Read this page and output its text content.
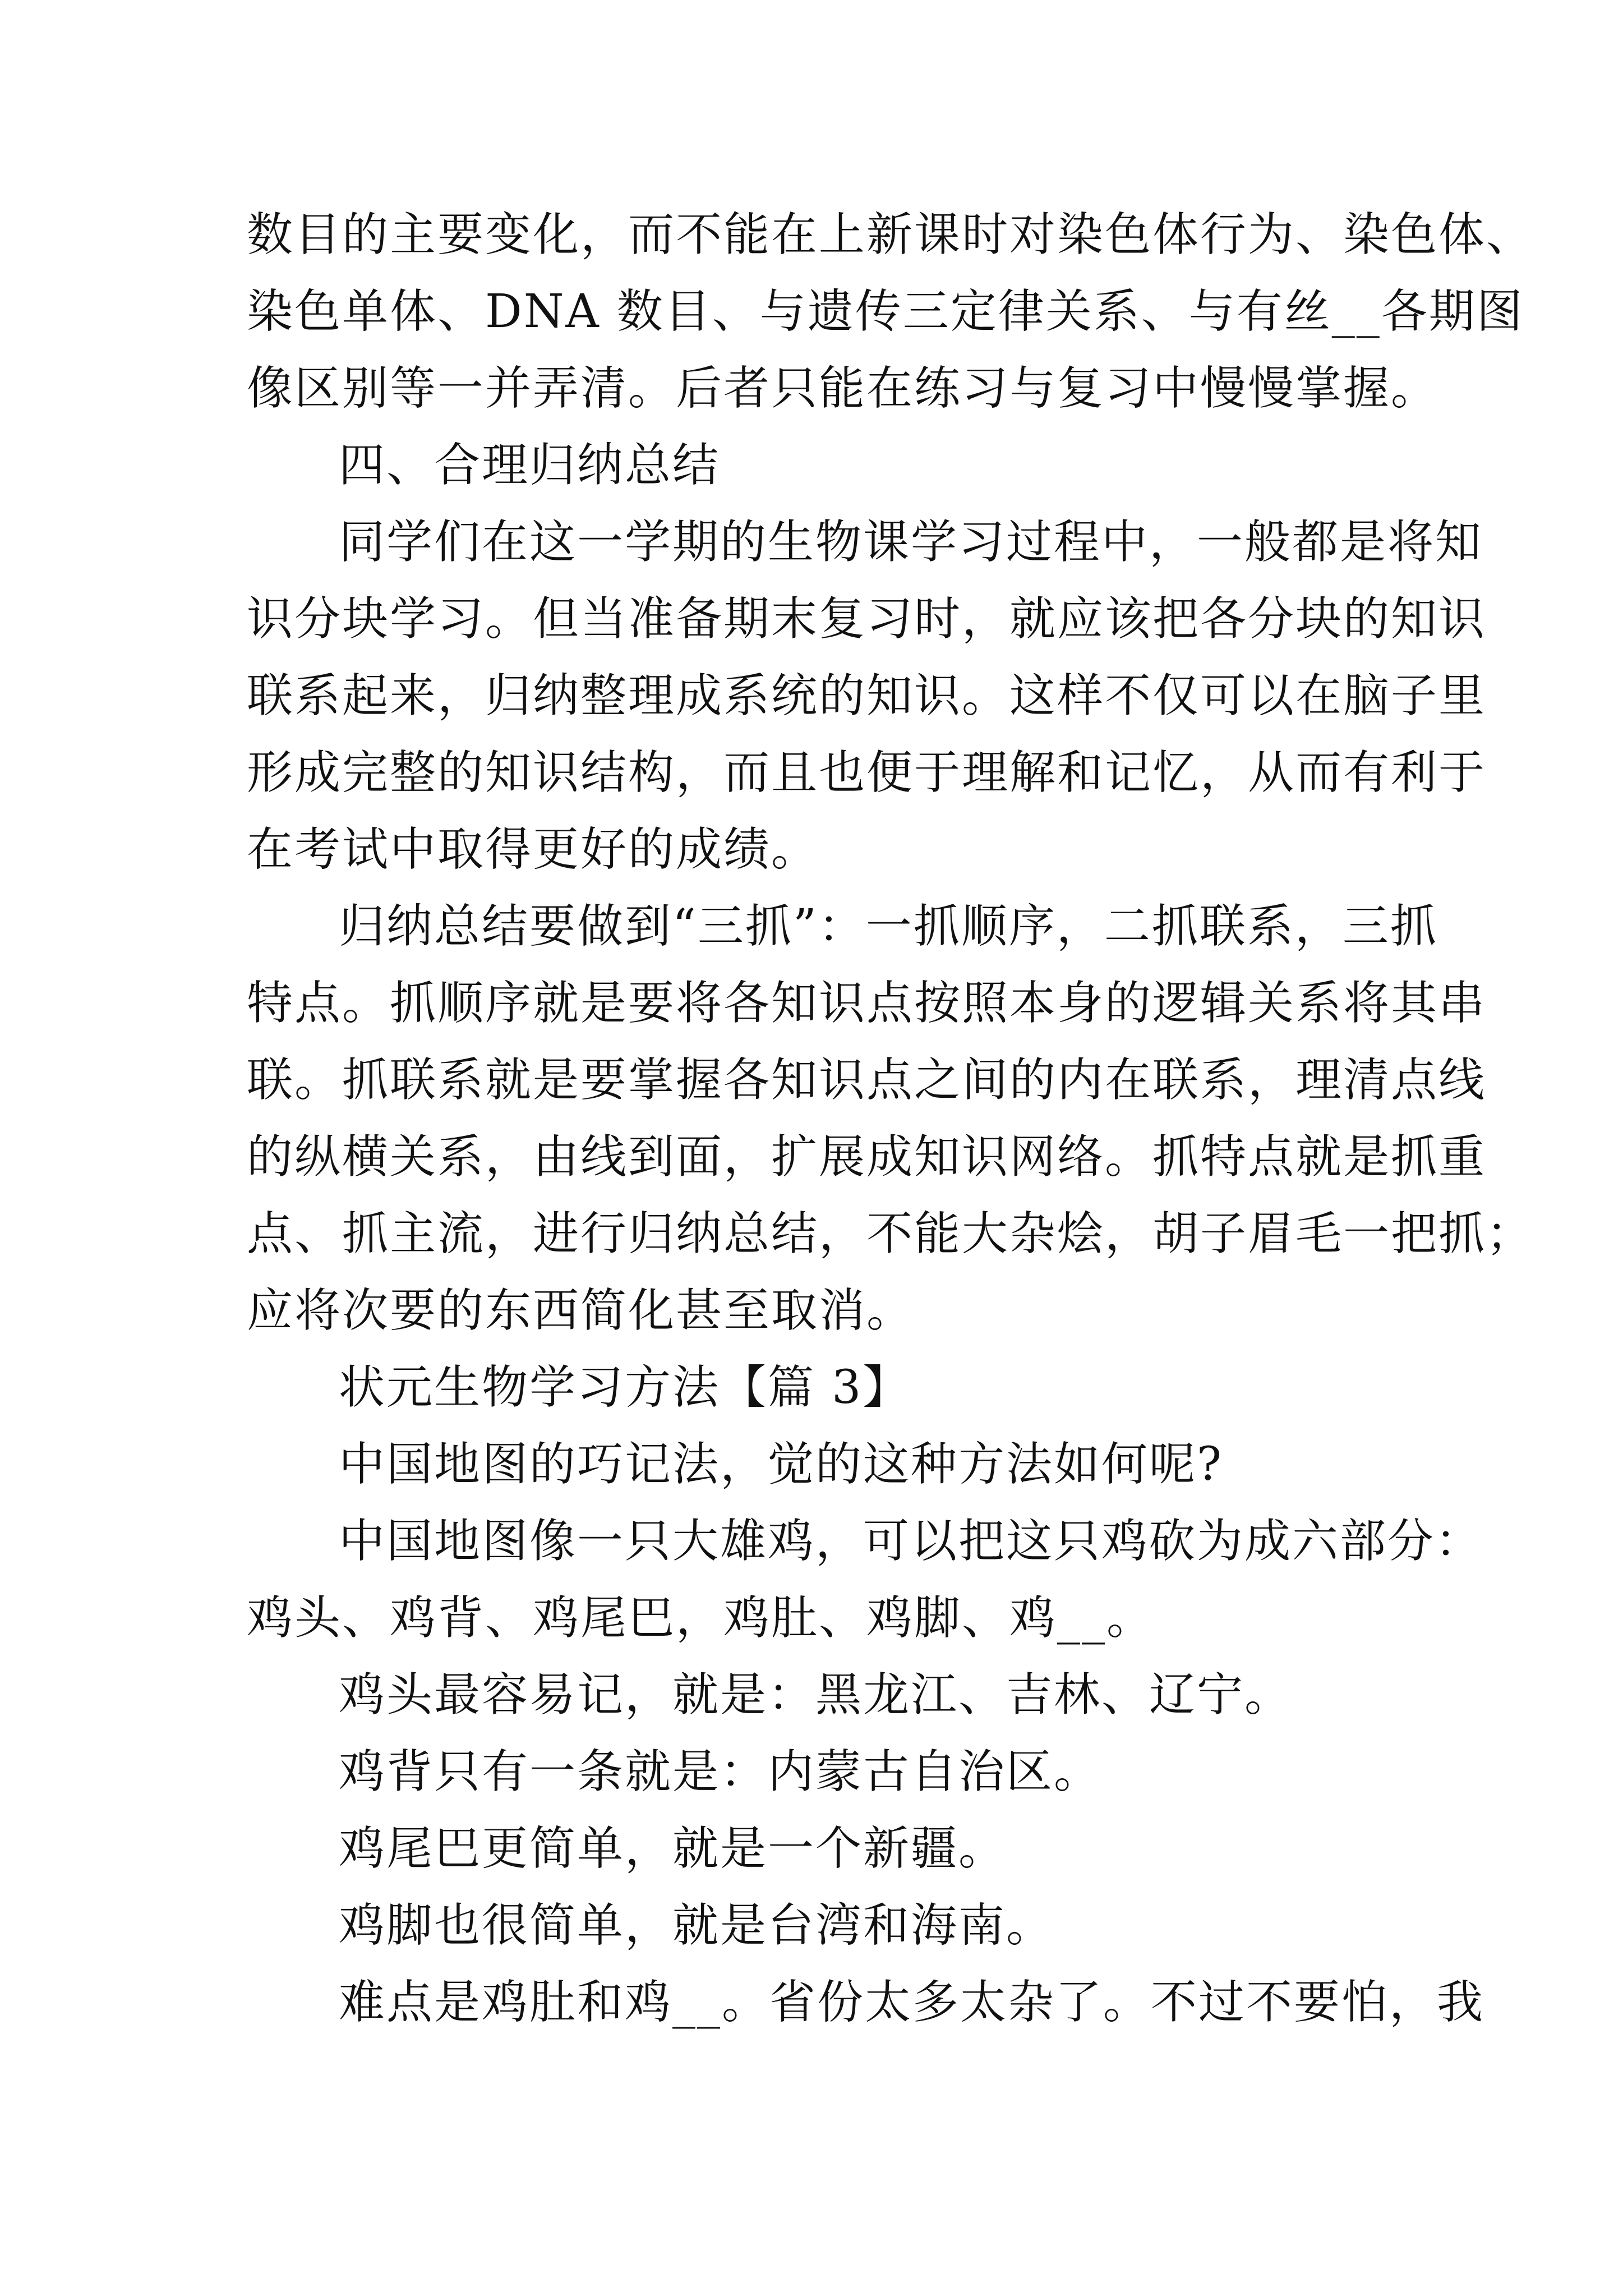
数目的主要变化，而不能在上新课时对染色体行为、染色体、
染色单体、DNA 数目、与遗传三定律关系、与有丝__各期图
像区别等一并弄清。后者只能在练习与复习中慢慢掌握。
四、合理归纳总结
同学们在这一学期的生物课学习过程中，一般都是将知
识分块学习。但当准备期末复习时，就应该把各分块的知识
联系起来，归纳整理成系统的知识。这样不仅可以在脑子里
形成完整的知识结构，而且也便于理解和记忆，从而有利于
在考试中取得更好的成绩。
归纳总结要做到“三抓”：一抓顺序，二抓联系，三抓
特点。抓顺序就是要将各知识点按照本身的逻辑关系将其串
联。抓联系就是要掌握各知识点之间的内在联系，理清点线
的纵横关系，由线到面，扩展成知识网络。抓特点就是抓重
点、抓主流，进行归纳总结，不能大杂烩，胡子眉毛一把抓；
应将次要的东西简化甚至取消。
状元生物学习方法【篇 3】
中国地图的巧记法，觉的这种方法如何呢?
中国地图像一只大雄鸡，可以把这只鸡砍为成六部分：
鸡头、鸡背、鸡尾巴，鸡肚、鸡脚、鸡__。
鸡头最容易记，就是：黑龙江、吉林、辽宁。
鸡背只有一条就是：内蒙古自治区。
鸡尾巴更简单，就是一个新疆。
鸡脚也很简单，就是台湾和海南。
难点是鸡肚和鸡__。省份太多太杂了。不过不要怕，我
